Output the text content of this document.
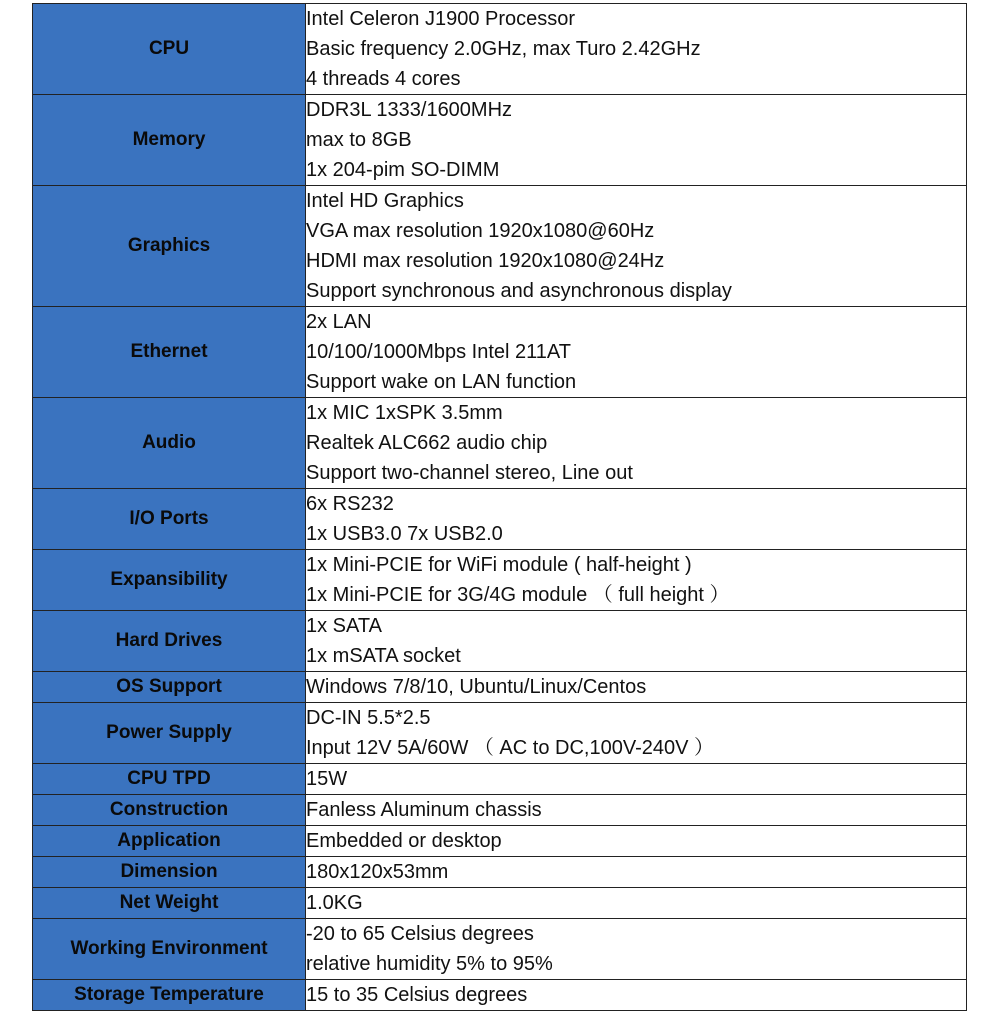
CPU	Intel Celeron J1900 Processor
Basic frequency 2.0GHz, max Turo 2.42GHz
4 threads 4 cores

Memory	DDR3L 1333/1600MHz
max to 8GB
1x 204-pim SO-DIMM

Graphics	Intel HD Graphics
VGA max resolution 1920x1080@60Hz
HDMI max resolution 1920x1080@24Hz
Support synchronous and asynchronous display

Ethernet	2x LAN
10/100/1000Mbps Intel 211AT
Support wake on LAN function

Audio	1x MIC 1xSPK 3.5mm
Realtek ALC662 audio chip
Support two-channel stereo, Line out

I/O Ports	6x RS232
1x USB3.0 7x USB2.0

Expansibility	1x Mini-PCIE for WiFi module ( half-height )
1x Mini-PCIE for 3G/4G module （ full height ）

Hard Drives	1x SATA
1x mSATA socket

OS Support	Windows 7/8/10, Ubuntu/Linux/Centos

Power Supply	DC-IN 5.5*2.5
Input 12V 5A/60W （ AC to DC,100V-240V ）

CPU TPD	15W

Construction	Fanless Aluminum chassis

Application	Embedded or desktop

Dimension	180x120x53mm

Net Weight	1.0KG

Working Environment	-20 to 65 Celsius degrees
relative humidity 5% to 95%

Storage Temperature	15 to 35 Celsius degrees
